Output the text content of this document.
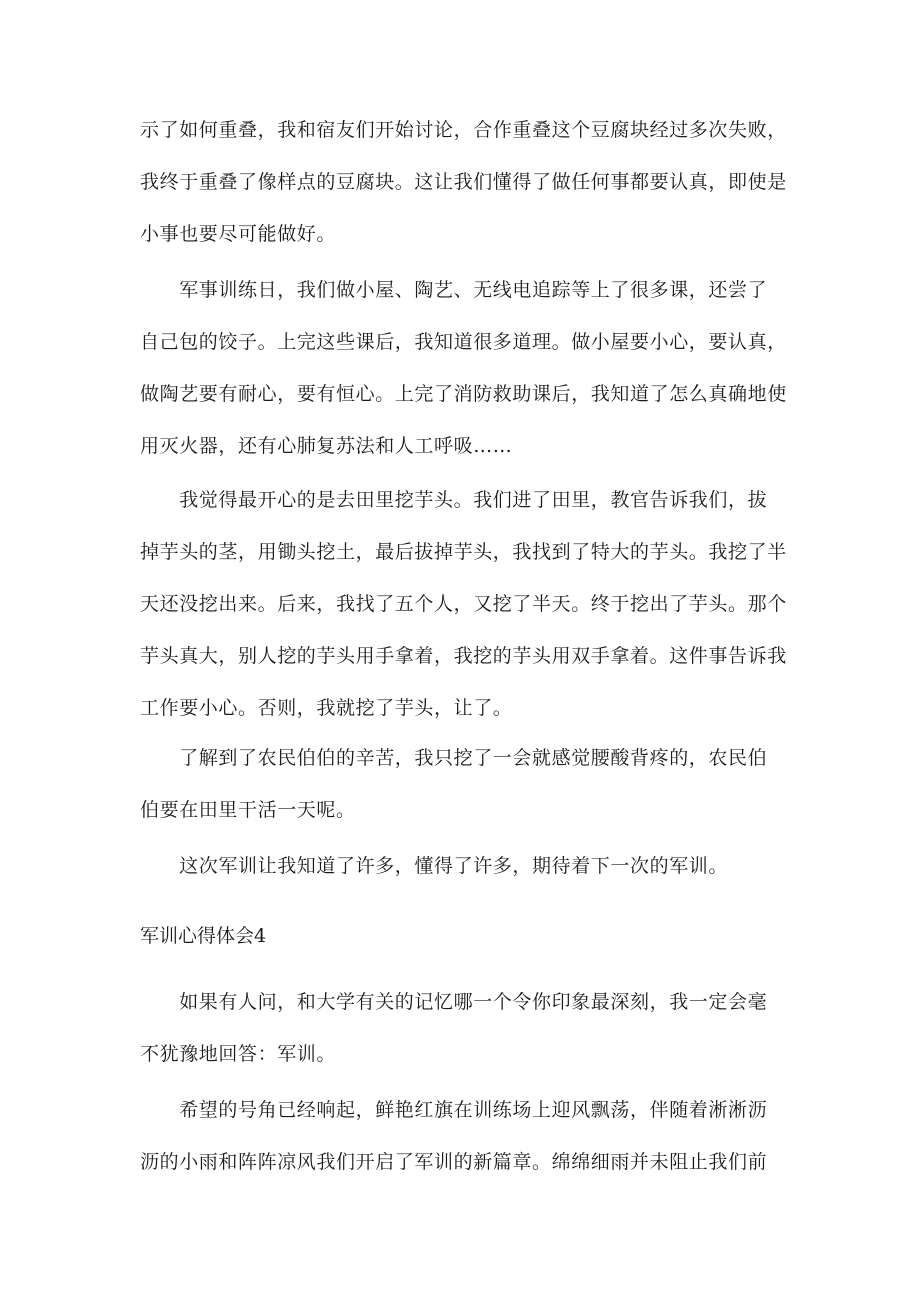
示了如何重叠，我和宿友们开始讨论，合作重叠这个豆腐块经过多次失败，
我终于重叠了像样点的豆腐块。这让我们懂得了做任何事都要认真，即使是
小事也要尽可能做好。

　　军事训练日，我们做小屋、陶艺、无线电追踪等上了很多课，还尝了
自己包的饺子。上完这些课后，我知道很多道理。做小屋要小心，要认真，
做陶艺要有耐心，要有恒心。上完了消防救助课后，我知道了怎么真确地使
用灭火器，还有心肺复苏法和人工呼吸……

　　我觉得最开心的是去田里挖芋头。我们进了田里，教官告诉我们，拔
掉芋头的茎，用锄头挖土，最后拔掉芋头，我找到了特大的芋头。我挖了半
天还没挖出来。后来，我找了五个人，又挖了半天。终于挖出了芋头。那个
芋头真大，别人挖的芋头用手拿着，我挖的芋头用双手拿着。这件事告诉我
工作要小心。否则，我就挖了芋头，让了。

　　了解到了农民伯伯的辛苦，我只挖了一会就感觉腰酸背疼的，农民伯
伯要在田里干活一天呢。

　　这次军训让我知道了许多，懂得了许多，期待着下一次的军训。

军训心得体会4

　　如果有人问，和大学有关的记忆哪一个令你印象最深刻，我一定会毫
不犹豫地回答：军训。

　　希望的号角已经响起，鲜艳红旗在训练场上迎风飘荡，伴随着淅淅沥
沥的小雨和阵阵凉风我们开启了军训的新篇章。绵绵细雨并未阻止我们前
